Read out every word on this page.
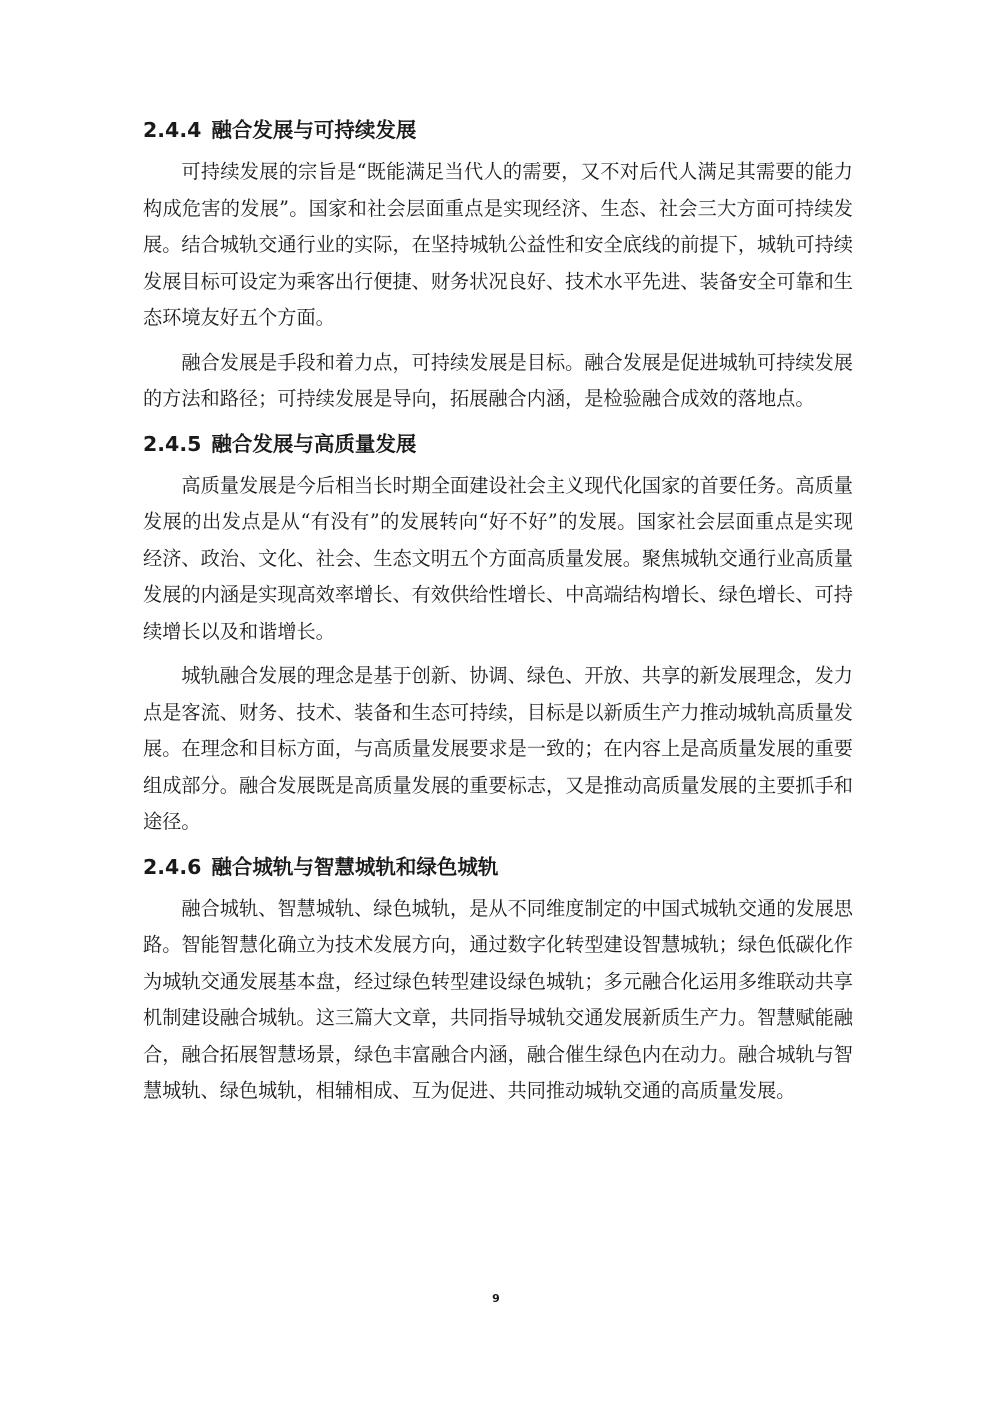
2.4.4 融合发展与可持续发展

可持续发展的宗旨是“既能满足当代人的需要，又不对后代人满足其需要的能力构成危害的发展”。国家和社会层面重点是实现经济、生态、社会三大方面可持续发展。结合城轨交通行业的实际，在坚持城轨公益性和安全底线的前提下，城轨可持续发展目标可设定为乘客出行便捷、财务状况良好、技术水平先进、装备安全可靠和生态环境友好五个方面。

融合发展是手段和着力点，可持续发展是目标。融合发展是促进城轨可持续发展的方法和路径；可持续发展是导向，拓展融合内涵，是检验融合成效的落地点。

2.4.5 融合发展与高质量发展

高质量发展是今后相当长时期全面建设社会主义现代化国家的首要任务。高质量发展的出发点是从“有没有”的发展转向“好不好”的发展。国家社会层面重点是实现经济、政治、文化、社会、生态文明五个方面高质量发展。聚焦城轨交通行业高质量发展的内涵是实现高效率增长、有效供给性增长、中高端结构增长、绿色增长、可持续增长以及和谐增长。

城轨融合发展的理念是基于创新、协调、绿色、开放、共享的新发展理念，发力点是客流、财务、技术、装备和生态可持续，目标是以新质生产力推动城轨高质量发展。在理念和目标方面，与高质量发展要求是一致的；在内容上是高质量发展的重要组成部分。融合发展既是高质量发展的重要标志，又是推动高质量发展的主要抓手和途径。

2.4.6 融合城轨与智慧城轨和绿色城轨

融合城轨、智慧城轨、绿色城轨，是从不同维度制定的中国式城轨交通的发展思路。智能智慧化确立为技术发展方向，通过数字化转型建设智慧城轨；绿色低碳化作为城轨交通发展基本盘，经过绿色转型建设绿色城轨；多元融合化运用多维联动共享机制建设融合城轨。这三篇大文章，共同指导城轨交通发展新质生产力。智慧赋能融合，融合拓展智慧场景，绿色丰富融合内涵，融合催生绿色内在动力。融合城轨与智慧城轨、绿色城轨，相辅相成、互为促进、共同推动城轨交通的高质量发展。

9
